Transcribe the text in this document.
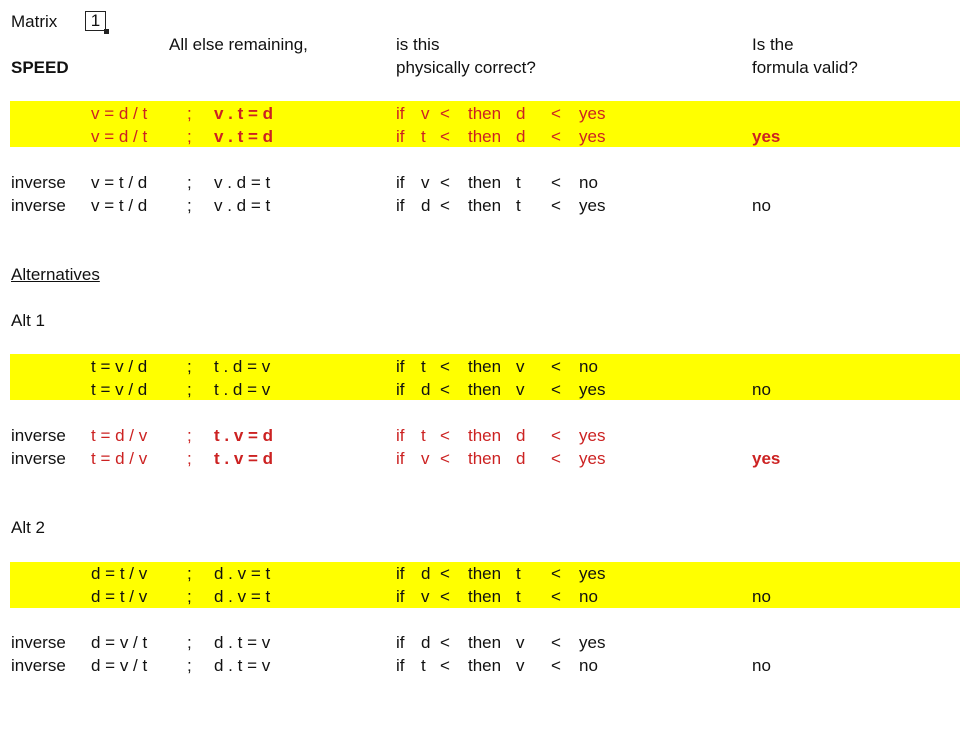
Matrix	1
All else remaining,	is this
physically correct?
Is the
formula valid?
SPEED
Alternatives
Alt 1
Alt 2
v = d / t ; v . t = d	if v < then d < yes
v = d / t ; v . t = d	if t < then d < yes	yes
inverse v = t / d ; v . d = t	if v < then t < no
inverse v = t / d ; v . d = t	if d < then t < yes	no
t = v / d ; t . d = v	if t < then v < no
t = v / d ; t . d = v	if d < then v < yes	no
inverse t = d / v ; t . v = d	if t < then d < yes
inverse t = d / v ; t . v = d	if v < then d < yes	yes
d = t / v ; d . v = t	if d < then t < yes
d = t / v ; d . v = t	if v < then t < no	no
inverse d = v / t ; d . t = v	if d < then v < yes
inverse d = v / t ; d . t = v	if t < then v < no	no
